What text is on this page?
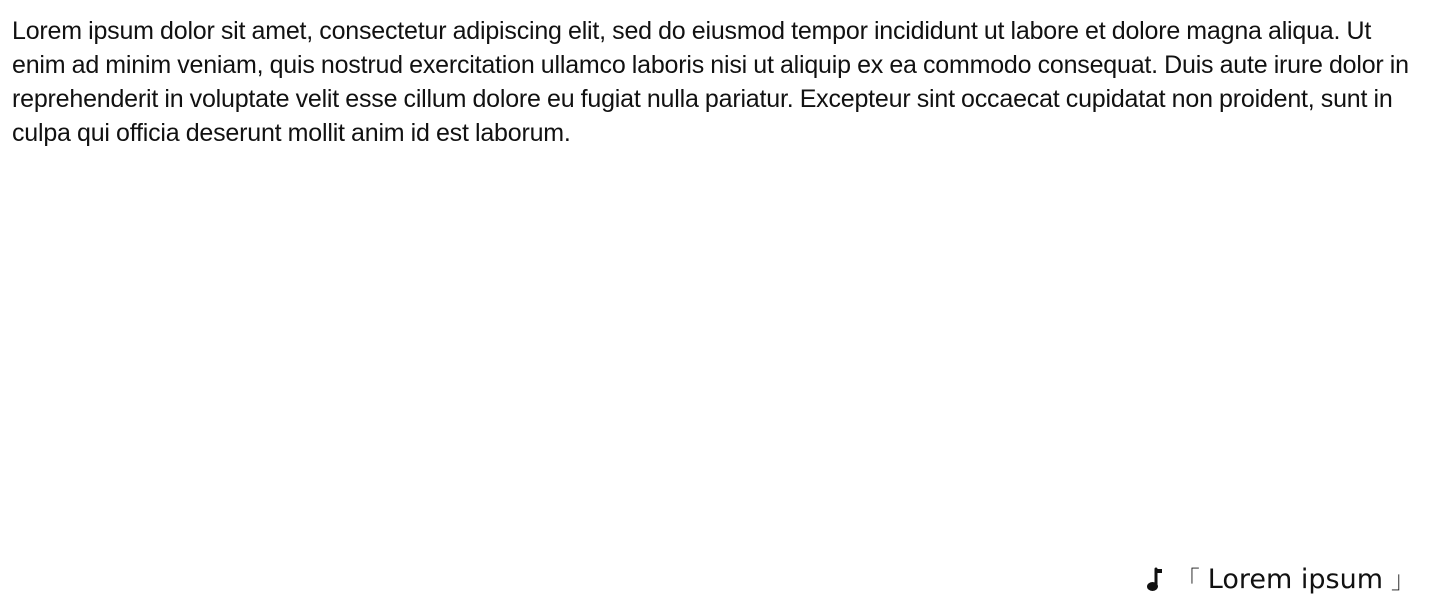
Lorem ipsum dolor sit amet, consectetur adipiscing elit, sed do eiusmod tempor incididunt ut labore et dolore magna aliqua. Ut enim ad minim veniam, quis nostrud exercitation ullamco laboris nisi ut aliquip ex ea commodo consequat. Duis aute irure dolor in reprehenderit in voluptate velit esse cillum dolore eu fugiat nulla pariatur. Excepteur sint occaecat cupidatat non proident, sunt in culpa qui officia deserunt mollit anim id est laborum.

「 Lorem ipsum 」
